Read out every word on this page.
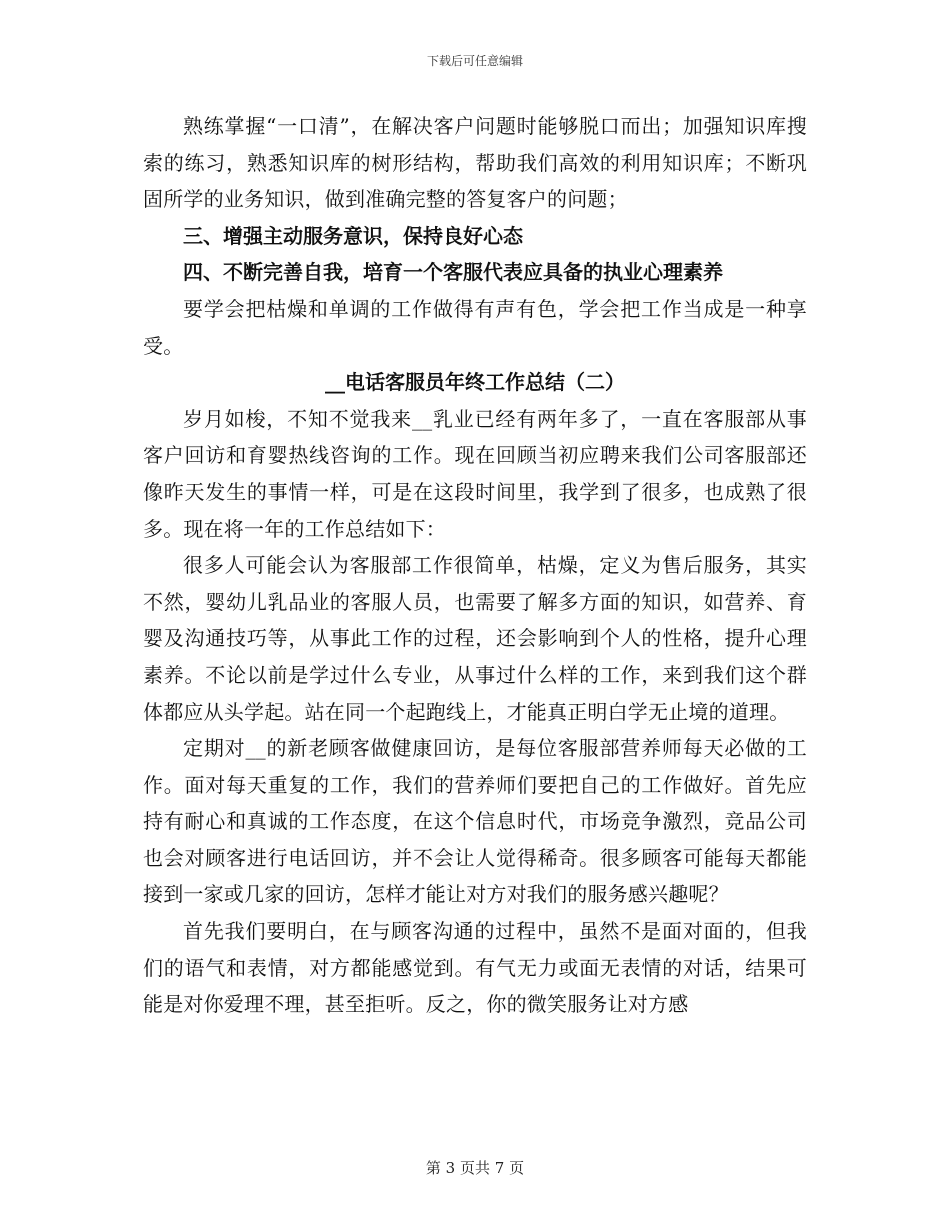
下载后可任意编辑

熟练掌握“一口清”，在解决客户问题时能够脱口而出；加强知识库搜索的练习，熟悉知识库的树形结构，帮助我们高效的利用知识库；不断巩固所学的业务知识，做到准确完整的答复客户的问题；

三、增强主动服务意识，保持良好心态

四、不断完善自我，培育一个客服代表应具备的执业心理素养

要学会把枯燥和单调的工作做得有声有色，学会把工作当成是一种享受。

__电话客服员年终工作总结（二）

岁月如梭，不知不觉我来__乳业已经有两年多了，一直在客服部从事客户回访和育婴热线咨询的工作。现在回顾当初应聘来我们公司客服部还像昨天发生的事情一样，可是在这段时间里，我学到了很多，也成熟了很多。现在将一年的工作总结如下：

很多人可能会认为客服部工作很简单，枯燥，定义为售后服务，其实不然，婴幼儿乳品业的客服人员，也需要了解多方面的知识，如营养、育婴及沟通技巧等，从事此工作的过程，还会影响到个人的性格，提升心理素养。不论以前是学过什么专业，从事过什么样的工作，来到我们这个群体都应从头学起。站在同一个起跑线上，才能真正明白学无止境的道理。

定期对__的新老顾客做健康回访，是每位客服部营养师每天必做的工作。面对每天重复的工作，我们的营养师们要把自己的工作做好。首先应持有耐心和真诚的工作态度，在这个信息时代，市场竞争激烈，竞品公司也会对顾客进行电话回访，并不会让人觉得稀奇。很多顾客可能每天都能接到一家或几家的回访，怎样才能让对方对我们的服务感兴趣呢？

首先我们要明白，在与顾客沟通的过程中，虽然不是面对面的，但我们的语气和表情，对方都能感觉到。有气无力或面无表情的对话，结果可能是对你爱理不理，甚至拒听。反之，你的微笑服务让对方感

第 3 页共 7 页
